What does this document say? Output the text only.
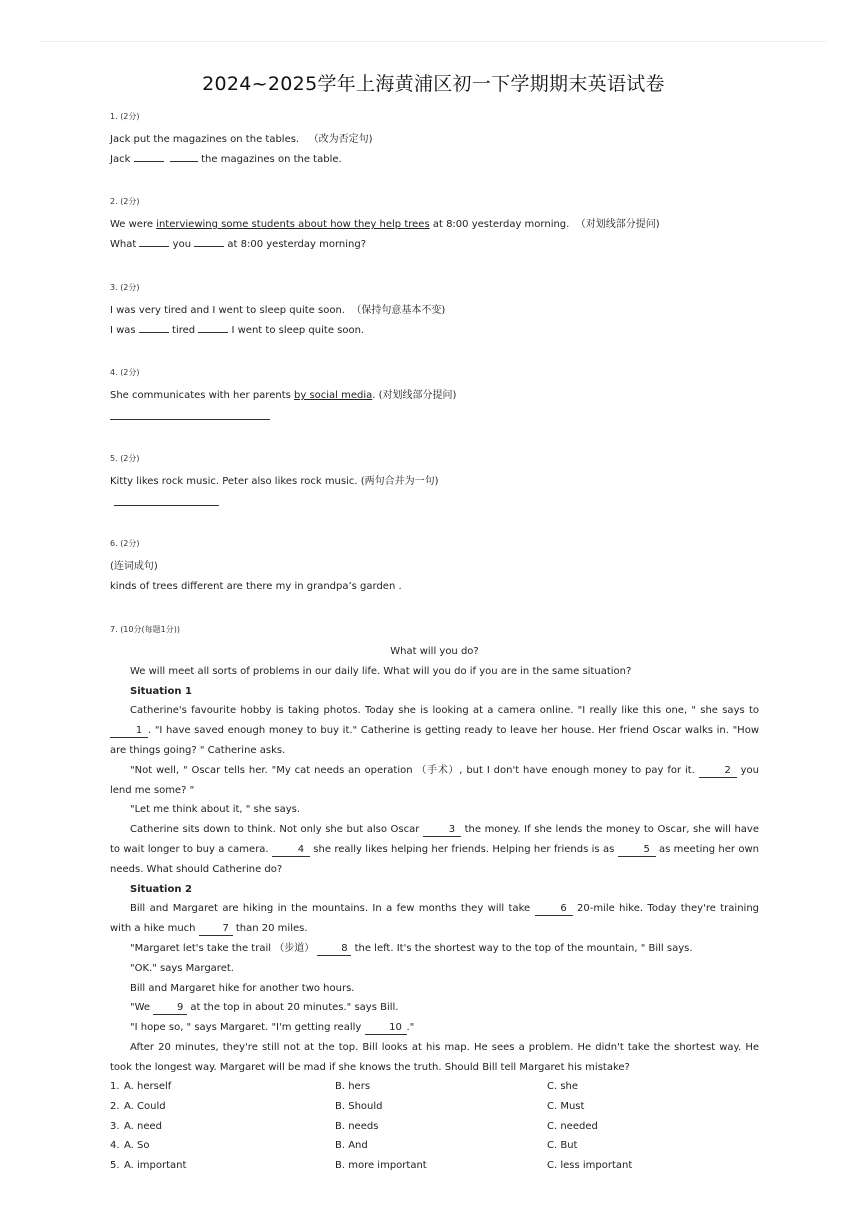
2024~2025学年上海黄浦区初一下学期期末英语试卷
1. (2分)
Jack put the magazines on the tables. （改为否定句)
Jack	the magazines on the table.
2. (2分)
We were interviewing some students about how they help trees at 8:00 yesterday morning. （对划线部分提问)
What	you	at 8:00 yesterday morning?
3. (2分)
I was very tired and I went to sleep quite soon. （保持句意基本不变)
I was	tired	I went to sleep quite soon.
4. (2分)
She communicates with her parents by social media. (对划线部分提问)
5. (2分)
Kitty likes rock music. Peter also likes rock music. (两句合并为一句)
6. (2分)
(连词成句)
kinds of trees different are there my in grandpa’s garden .
7. (10分(每题1分))

What will you do?

We will meet all sorts of problems in our daily life. What will you do if you are in the same situation?

Situation 1

Catherine's favourite hobby is taking photos. Today she is looking at a camera online. "I really like this one, " she says to 1 . "I have saved enough money to buy it." Catherine is getting ready to leave her house. Her friend Oscar walks in. "How are things going? " Catherine asks.

"Not well, " Oscar tells her. "My cat needs an operation （手术）, but I don't have enough money to pay for it.	2 you lend me some? "

"Let me think about it, " she says.

Catherine sits down to think. Not only she but also Oscar	3 the money. If she lends the money to Oscar, she will have to wait longer to buy a camera.	4 she really likes helping her friends. Helping her friends is as	5 as meeting her own needs. What should Catherine do?

Situation 2

Bill and Margaret are hiking in the mountains. In a few months they will take	6 20-mile hike. Today they're training with a hike much 7 than 20 miles.

"Margaret let's take the trail （步道） 8 the left. It's the shortest way to the top of the mountain, " Bill says.

"OK." says Margaret.

Bill and Margaret hike for another two hours.

"We 9 at the top in about 20 minutes." says Bill.

"I hope so, " says Margaret. "I'm getting really 10 ."

After 20 minutes, they're still not at the top. Bill looks at his map. He sees a problem. He didn't take the shortest way. He took the longest way. Margaret will be mad if she knows the truth. Should Bill tell Margaret his mistake?

1. A. herself	B. hers	C. she
2. A. Could	B. Should	C. Must
3. A. need	B. needs	C. needed
4. A. So	B. And	C. But
5. A. important	B. more important	C. less important
